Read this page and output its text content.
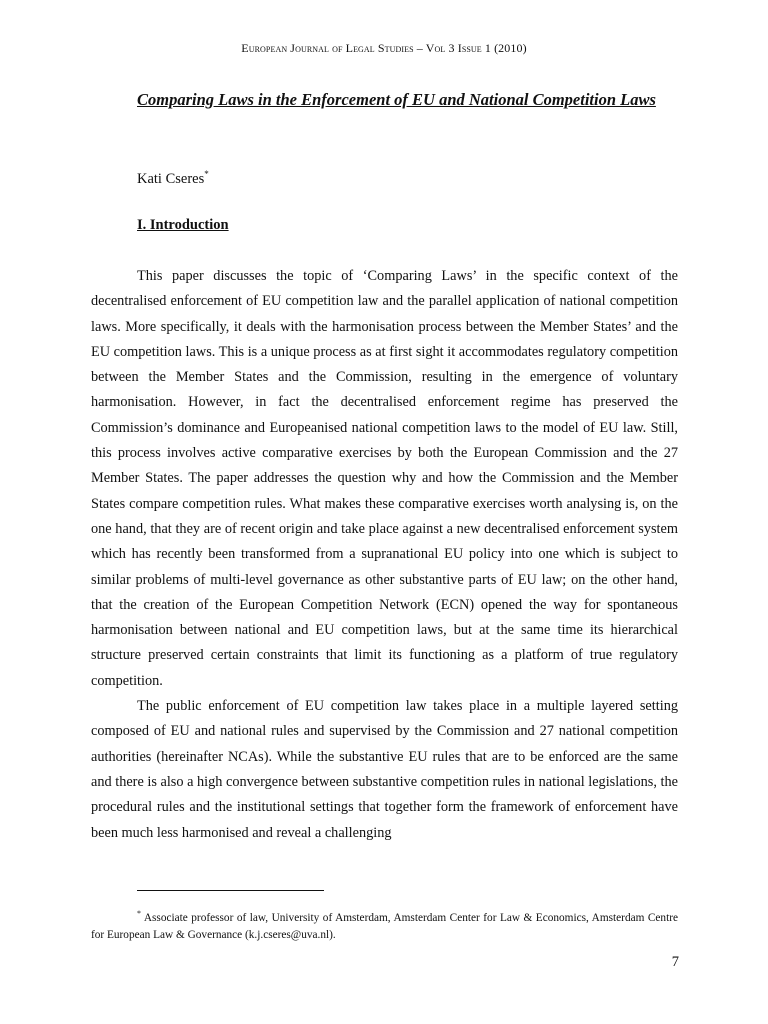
European Journal of Legal Studies – Vol 3 Issue 1 (2010)
Comparing Laws in the Enforcement of EU and National Competition Laws
Kati Cseres*
I. Introduction

This paper discusses the topic of ‘Comparing Laws’ in the specific context of the decentralised enforcement of EU competition law and the parallel application of national competition laws. More specifically, it deals with the harmonisation process between the Member States’ and the EU competition laws. This is a unique process as at first sight it accommodates regulatory competition between the Member States and the Commission, resulting in the emergence of voluntary harmonisation. However, in fact the decentralised enforcement regime has preserved the Commission’s dominance and Europeanised national competition laws to the model of EU law. Still, this process involves active comparative exercises by both the European Commission and the 27 Member States. The paper addresses the question why and how the Commission and the Member States compare competition rules. What makes these comparative exercises worth analysing is, on the one hand, that they are of recent origin and take place against a new decentralised enforcement system which has recently been transformed from a supranational EU policy into one which is subject to similar problems of multi-level governance as other substantive parts of EU law; on the other hand, that the creation of the European Competition Network (ECN) opened the way for spontaneous harmonisation between national and EU competition laws, but at the same time its hierarchical structure preserved certain constraints that limit its functioning as a platform of true regulatory competition.

The public enforcement of EU competition law takes place in a multiple layered setting composed of EU and national rules and supervised by the Commission and 27 national competition authorities (hereinafter NCAs). While the substantive EU rules that are to be enforced are the same and there is also a high convergence between substantive competition rules in national legislations, the procedural rules and the institutional settings that together form the framework of enforcement have been much less harmonised and reveal a challenging

* Associate professor of law, University of Amsterdam, Amsterdam Center for Law & Economics, Amsterdam Centre for European Law & Governance (k.j.cseres@uva.nl).

7
